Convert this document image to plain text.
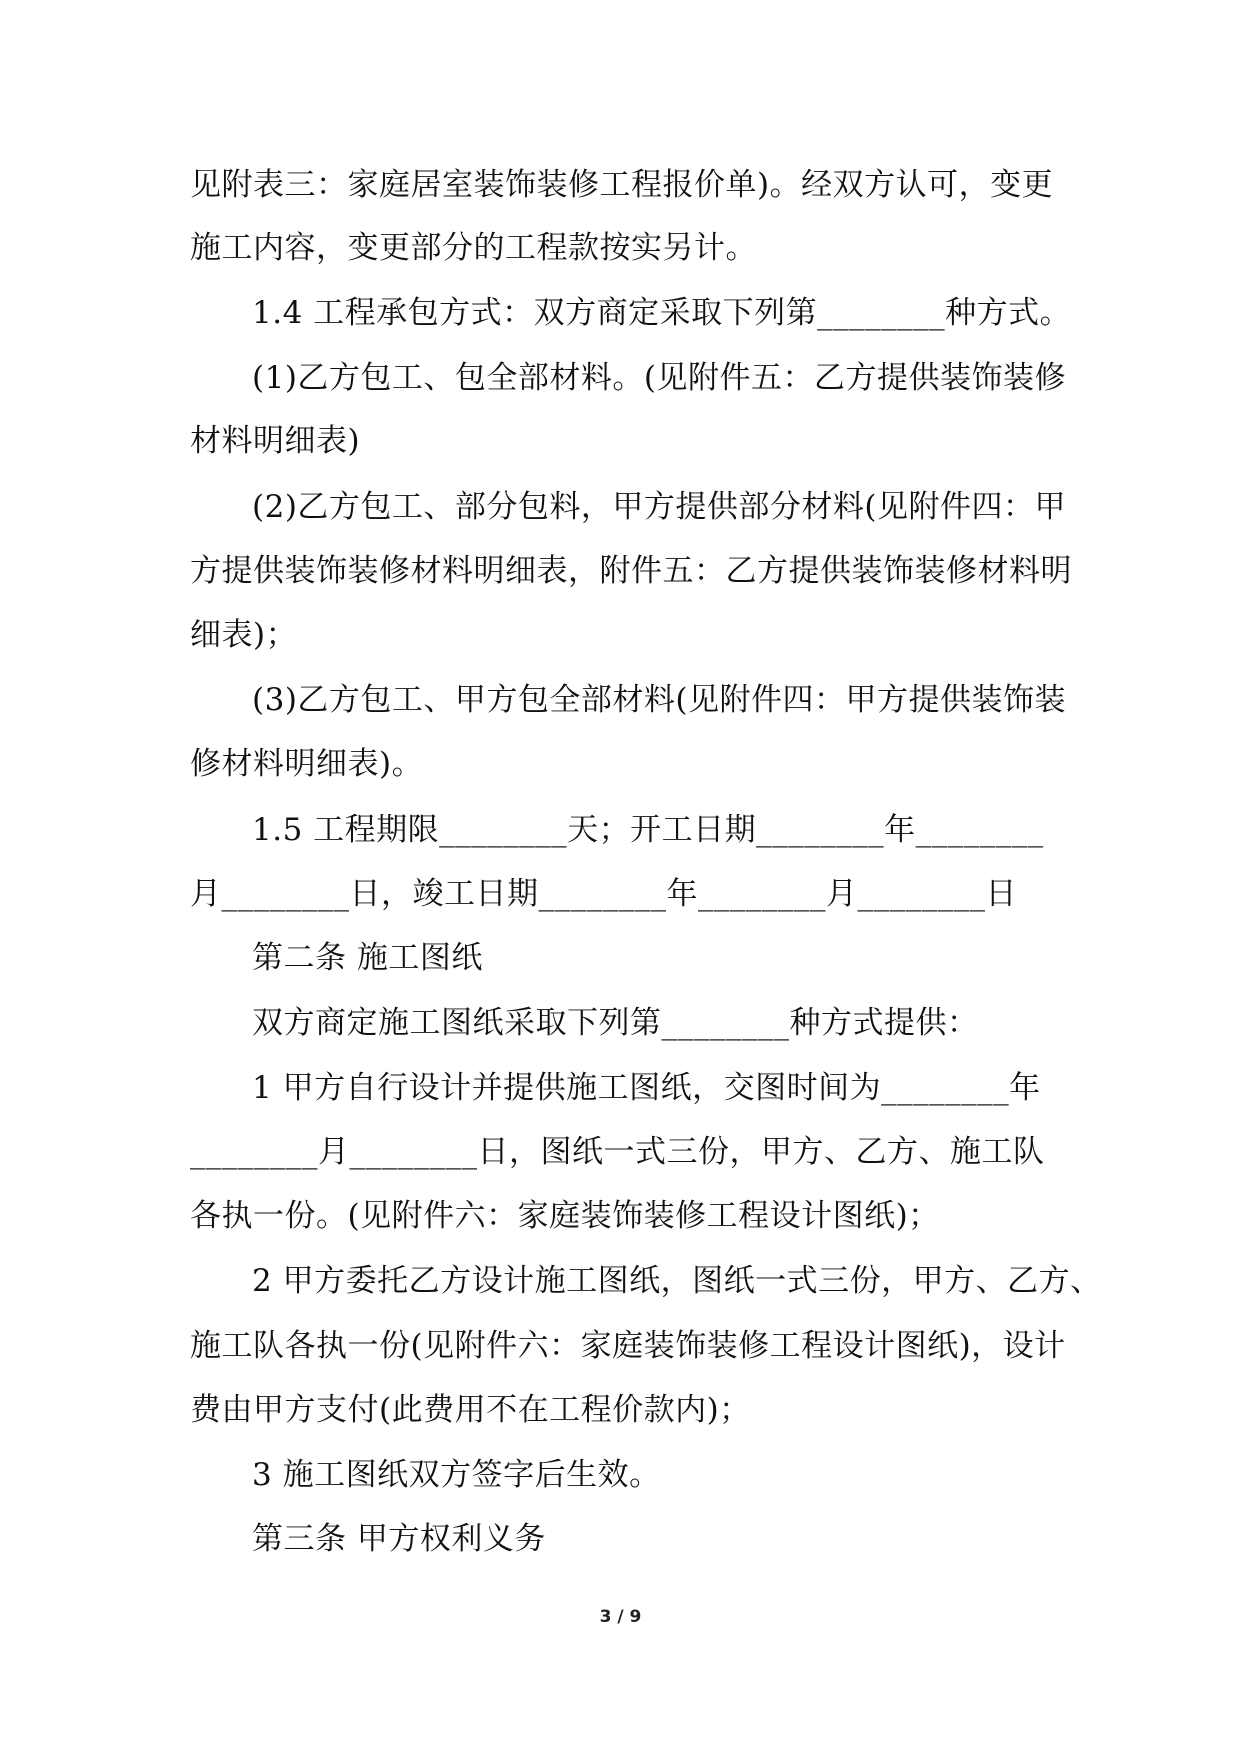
见附表三：家庭居室装饰装修工程报价单)。经双方认可，变更
施工内容，变更部分的工程款按实另计。
1.4 工程承包方式：双方商定采取下列第________种方式。
(1)乙方包工、包全部材料。(见附件五：乙方提供装饰装修
材料明细表)
(2)乙方包工、部分包料，甲方提供部分材料(见附件四：甲
方提供装饰装修材料明细表，附件五：乙方提供装饰装修材料明
细表)；
(3)乙方包工、甲方包全部材料(见附件四：甲方提供装饰装
修材料明细表)。
1.5 工程期限________天；开工日期________年________
月________日，竣工日期________年________月________日
第二条 施工图纸
双方商定施工图纸采取下列第________种方式提供：
1 甲方自行设计并提供施工图纸，交图时间为________年
________月________日，图纸一式三份，甲方、乙方、施工队
各执一份。(见附件六：家庭装饰装修工程设计图纸)；
2 甲方委托乙方设计施工图纸，图纸一式三份，甲方、乙方、
施工队各执一份(见附件六：家庭装饰装修工程设计图纸)，设计
费由甲方支付(此费用不在工程价款内)；
3 施工图纸双方签字后生效。
第三条 甲方权利义务
3 / 9
